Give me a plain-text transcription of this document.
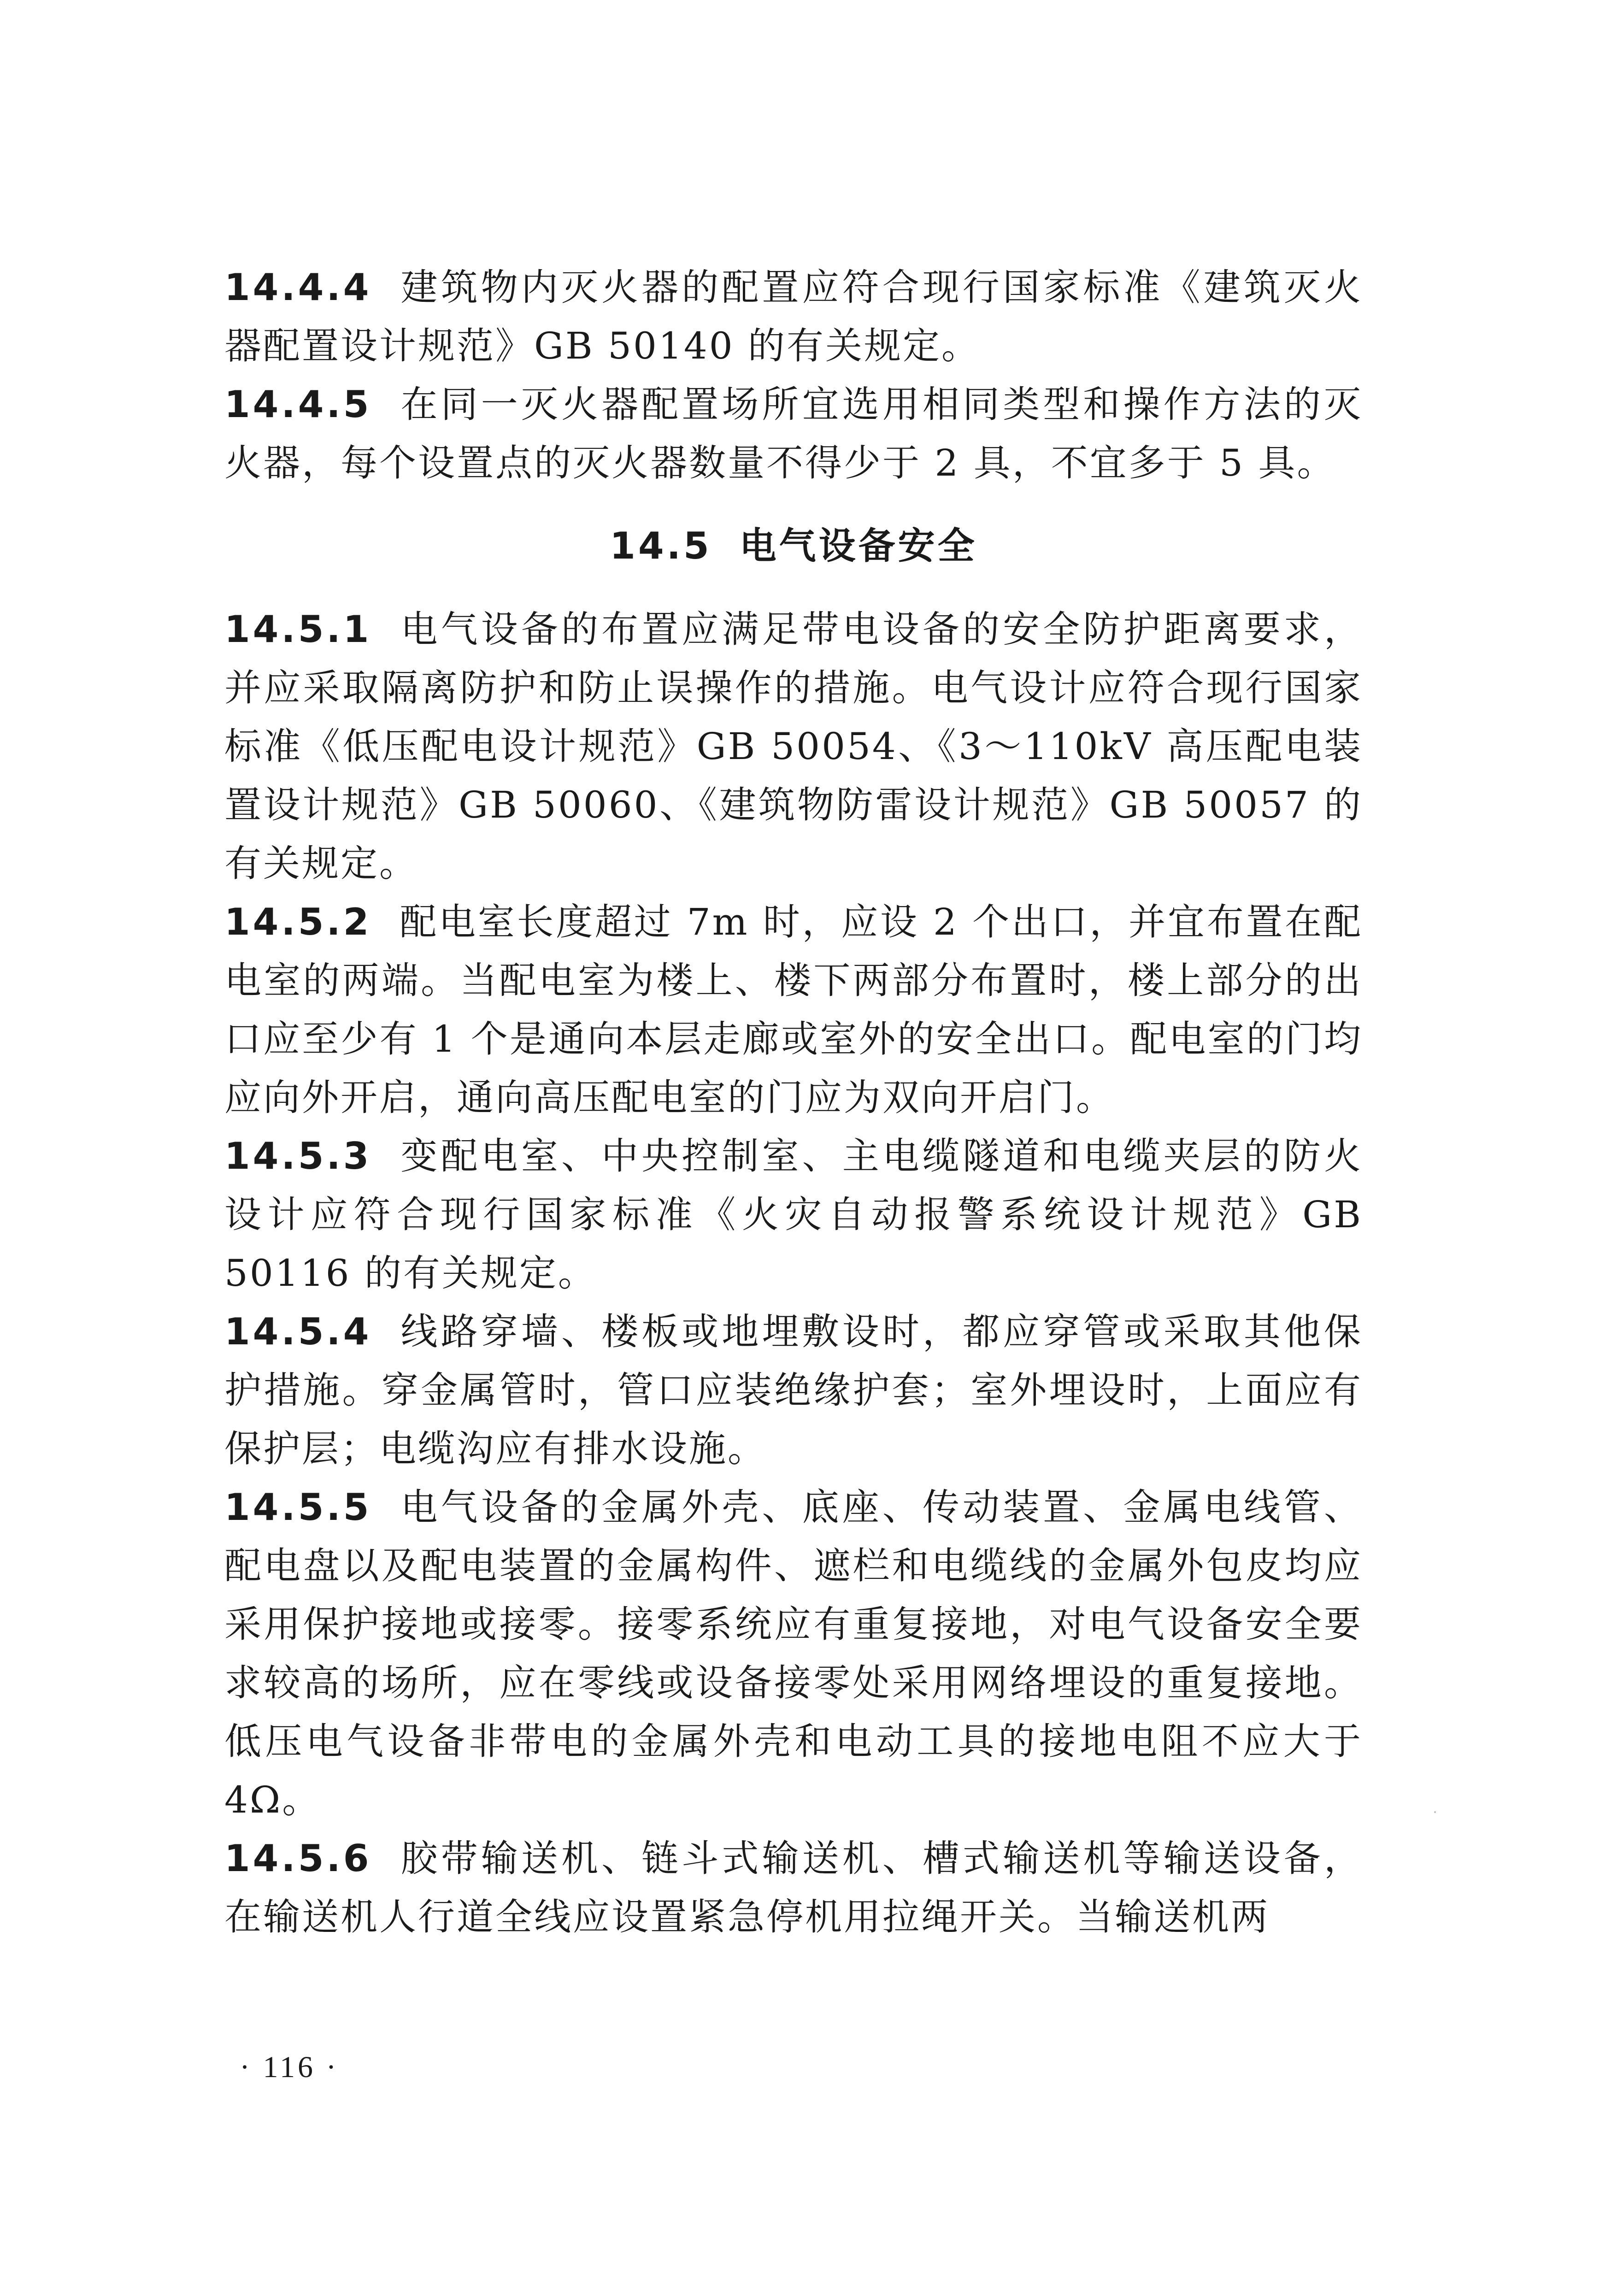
14.4.4 建筑物内灭火器的配置应符合现行国家标准《建筑灭火器配置设计规范》GB 50140 的有关规定。

14.4.5 在同一灭火器配置场所宜选用相同类型和操作方法的灭火器，每个设置点的灭火器数量不得少于 2 具，不宜多于 5 具。

14.5 电气设备安全

14.5.1 电气设备的布置应满足带电设备的安全防护距离要求，并应采取隔离防护和防止误操作的措施。电气设计应符合现行国家标准《低压配电设计规范》GB 50054、《3～110kV 高压配电装置设计规范》GB 50060、《建筑物防雷设计规范》GB 50057 的有关规定。

14.5.2 配电室长度超过 7m 时，应设 2 个出口，并宜布置在配电室的两端。当配电室为楼上、楼下两部分布置时，楼上部分的出口应至少有 1 个是通向本层走廊或室外的安全出口。配电室的门均应向外开启，通向高压配电室的门应为双向开启门。

14.5.3 变配电室、中央控制室、主电缆隧道和电缆夹层的防火设计应符合现行国家标准《火灾自动报警系统设计规范》GB 50116 的有关规定。

14.5.4 线路穿墙、楼板或地埋敷设时，都应穿管或采取其他保护措施。穿金属管时，管口应装绝缘护套；室外埋设时，上面应有保护层；电缆沟应有排水设施。

14.5.5 电气设备的金属外壳、底座、传动装置、金属电线管、配电盘以及配电装置的金属构件、遮栏和电缆线的金属外包皮均应采用保护接地或接零。接零系统应有重复接地，对电气设备安全要求较高的场所，应在零线或设备接零处采用网络埋设的重复接地。低压电气设备非带电的金属外壳和电动工具的接地电阻不应大于 4Ω。

14.5.6 胶带输送机、链斗式输送机、槽式输送机等输送设备，在输送机人行道全线应设置紧急停机用拉绳开关。当输送机两

· 116 ·
